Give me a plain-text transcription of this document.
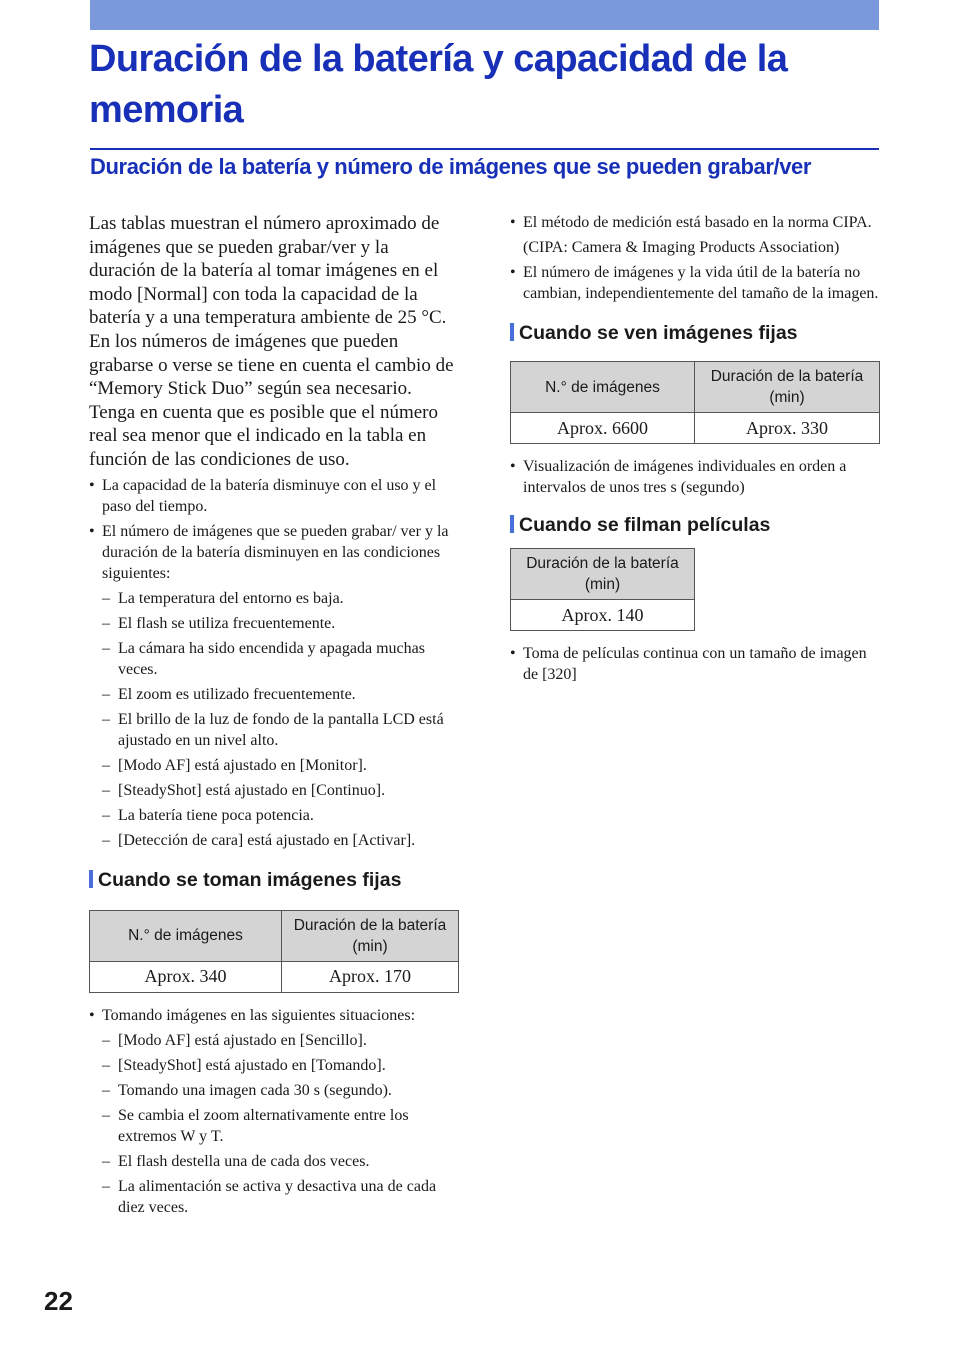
Duración de la batería y capacidad de la memoria
Duración de la batería y número de imágenes que se pueden grabar/ver

Las tablas muestran el número aproximado de imágenes que se pueden grabar/ver y la duración de la batería al tomar imágenes en el modo [Normal] con toda la capacidad de la batería y a una temperatura ambiente de 25 °C. En los números de imágenes que pueden grabarse o verse se tiene en cuenta el cambio de “Memory Stick Duo” según sea necesario.

Tenga en cuenta que es posible que el número real sea menor que el indicado en la tabla en función de las condiciones de uso.

• La capacidad de la batería disminuye con el uso y el paso del tiempo.
• El número de imágenes que se pueden grabar/ ver y la duración de la batería disminuyen en las condiciones siguientes:
– La temperatura del entorno es baja.
– El flash se utiliza frecuentemente.
– La cámara ha sido encendida y apagada muchas veces.
– El zoom es utilizado frecuentemente.
– El brillo de la luz de fondo de la pantalla LCD está ajustado en un nivel alto.
– [Modo AF] está ajustado en [Monitor].
– [SteadyShot] está ajustado en [Continuo].
– La batería tiene poca potencia.
– [Detección de cara] está ajustado en [Activar].
Cuando se toman imágenes fijas
N.° de imágenes	Duración de la batería (min)
Aprox. 340	Aprox. 170
• Tomando imágenes en las siguientes situaciones:
– [Modo AF] está ajustado en [Sencillo].
– [SteadyShot] está ajustado en [Tomando].
– Tomando una imagen cada 30 s (segundo).
– Se cambia el zoom alternativamente entre los extremos W y T.
– El flash destella una de cada dos veces.
– La alimentación se activa y desactiva una de cada diez veces.
• El método de medición está basado en la norma CIPA.
(CIPA: Camera & Imaging Products Association)
• El número de imágenes y la vida útil de la batería no cambian, independientemente del tamaño de la imagen.
Cuando se ven imágenes fijas
N.° de imágenes	Duración de la batería (min)
Aprox. 6600	Aprox. 330
• Visualización de imágenes individuales en orden a intervalos de unos tres s (segundo)
Cuando se filman películas
Duración de la batería (min)
Aprox. 140
• Toma de películas continua con un tamaño de imagen de [320]
22
